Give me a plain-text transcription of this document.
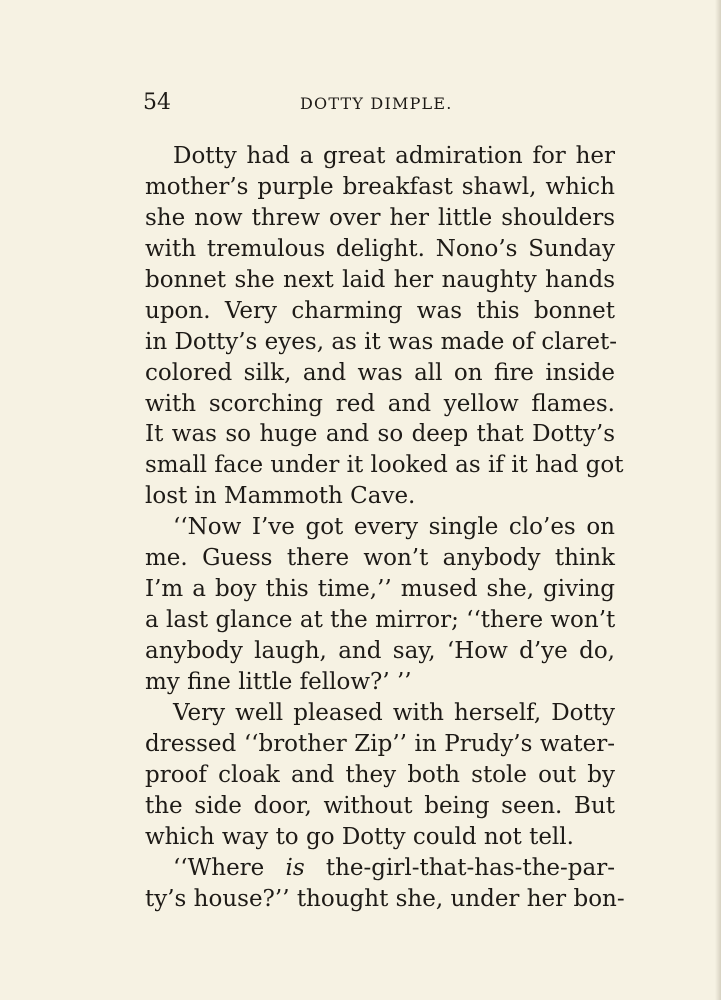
54	DOTTY DIMPLE.
Dotty had a great admiration for her
mother’s purple breakfast shawl, which
she now threw over her little shoulders
with tremulous delight. Nono’s Sunday
bonnet she next laid her naughty hands
upon. Very charming was this bonnet
in Dotty’s eyes, as it was made of claret-
colored silk, and was all on fire inside
with scorching red and yellow flames.
It was so huge and so deep that Dotty’s
small face under it looked as if it had got
lost in Mammoth Cave.
‘‘Now I’ve got every single clo’es on
me. Guess there won’t anybody think
I’m a boy this time,’’ mused she, giving
a last glance at the mirror; ‘‘there won’t
anybody laugh, and say, ‘How d’ye do,
my fine little fellow?’ ’’
Very well pleased with herself, Dotty
dressed ‘‘brother Zip’’ in Prudy’s water-
proof cloak and they both stole out by
the side door, without being seen. But
which way to go Dotty could not tell.
‘‘Where is the-girl-that-has-the-par-
ty’s house?’’ thought she, under her bon-
